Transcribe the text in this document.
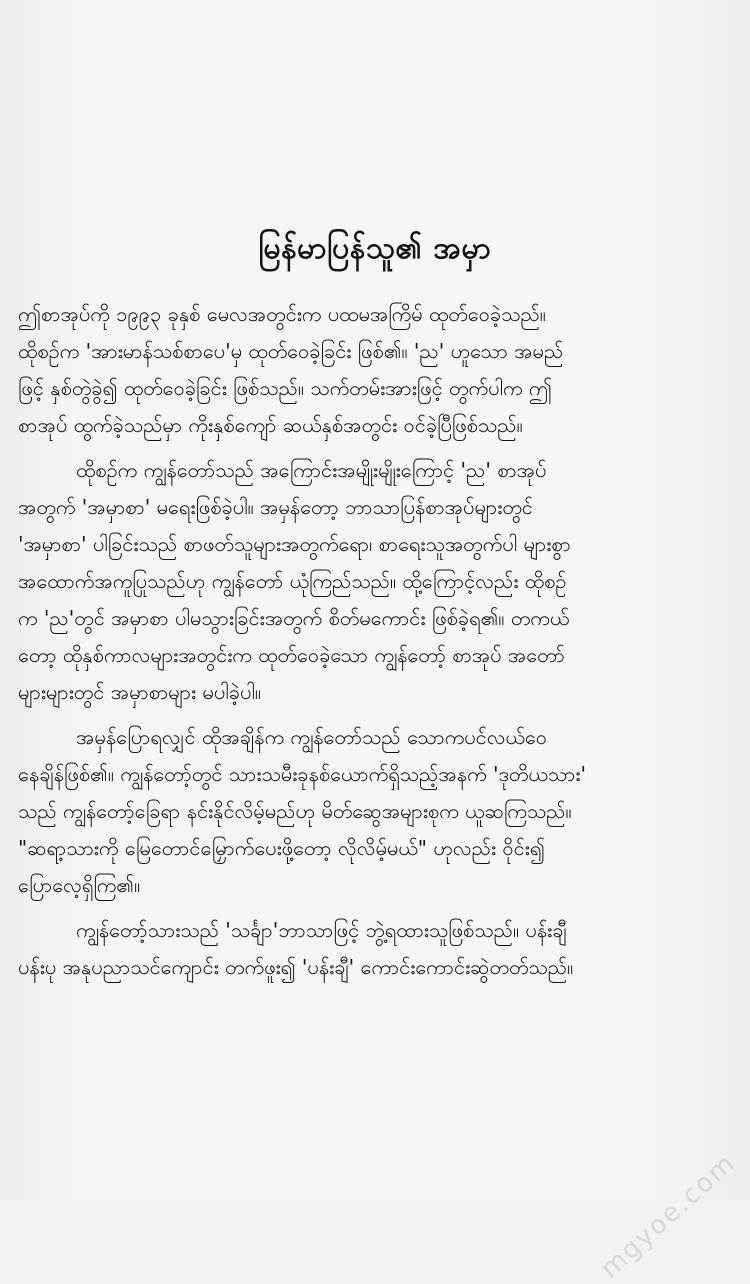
မြန်မာပြန်သူ၏ အမှာ
ဤစာအုပ်ကို ၁၉၉၃ ခုနှစ် မေလအတွင်းက ပထမအကြိမ် ထုတ်ဝေခဲ့သည်။
ထိုစဉ်က 'အားမာန်သစ်စာပေ'မှ ထုတ်ဝေခဲ့ခြင်း ဖြစ်၏။ 'ည' ဟူသော အမည်
ဖြင့် နှစ်တွဲခွဲ၍ ထုတ်ဝေခဲ့ခြင်း ဖြစ်သည်။ သက်တမ်းအားဖြင့် တွက်ပါက ဤ
စာအုပ် ထွက်ခဲ့သည်မှာ ကိုးနှစ်ကျော် ဆယ်နှစ်အတွင်း ဝင်ခဲ့ပြီဖြစ်သည်။
ထိုစဉ်က ကျွန်တော်သည် အကြောင်းအမျိုးမျိုးကြောင့် 'ည' စာအုပ်
အတွက် 'အမှာစာ' မရေးဖြစ်ခဲ့ပါ။ အမှန်တော့ ဘာသာပြန်စာအုပ်များတွင်
'အမှာစာ' ပါခြင်းသည် စာဖတ်သူများအတွက်ရော၊ စာရေးသူအတွက်ပါ များစွာ
အထောက်အကူပြုသည်ဟု ကျွန်တော် ယုံကြည်သည်။ ထို့ကြောင့်လည်း ထိုစဉ်
က 'ည'တွင် အမှာစာ ပါမသွားခြင်းအတွက် စိတ်မကောင်း ဖြစ်ခဲ့ရ၏။ တကယ်
တော့ ထိုနှစ်ကာလများအတွင်းက ထုတ်ဝေခဲ့သော ကျွန်တော့် စာအုပ် အတော်
များများတွင် အမှာစာများ မပါခဲ့ပါ။
အမှန်ပြောရလျှင် ထိုအချိန်က ကျွန်တော်သည် သောကပင်လယ်ဝေ
နေချိန်ဖြစ်၏။ ကျွန်တော့်တွင် သားသမီးခုနစ်ယောက်ရှိသည့်အနက် 'ဒုတိယသား'
သည် ကျွန်တော့်ခြေရာ နင်းနိုင်လိမ့်မည်ဟု မိတ်ဆွေအများစုက ယူဆကြသည်။
"ဆရာ့သားကို မြေတောင်မြှောက်ပေးဖို့တော့ လိုလိမ့်မယ်" ဟုလည်း ဝိုင်း၍
ပြောလေ့ရှိကြ၏။
ကျွန်တော့်သားသည် 'သင်္ချာ'ဘာသာဖြင့် ဘွဲ့ရထားသူဖြစ်သည်။ ပန်းချီ
ပန်းပု အနုပညာသင်ကျောင်း တက်ဖူး၍ 'ပန်းချီ' ကောင်းကောင်းဆွဲတတ်သည်။
mgyoe.com
